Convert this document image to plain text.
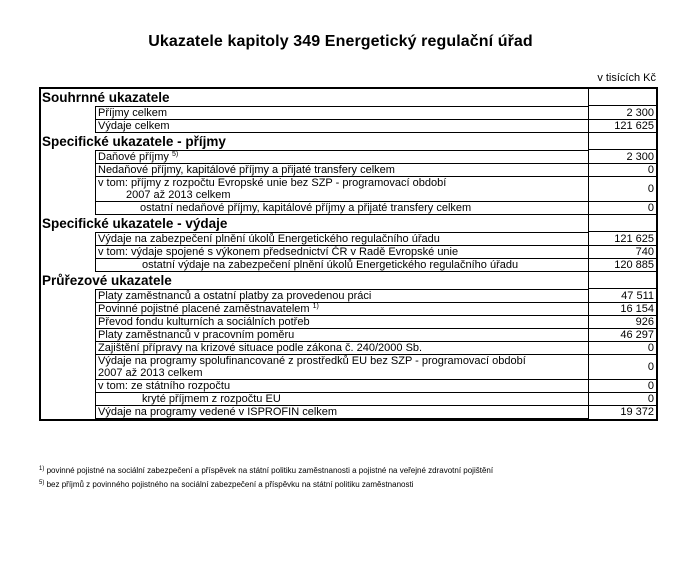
Ukazatele kapitoly 349 Energetický regulační úřad
v tisících Kč
Souhrnné ukazatele	

Příjmy celkem	2 300

Výdaje celkem	121 625
Specifické ukazatele - příjmy	

Daňové příjmy $^{5)}$	2 300

Nedaňové příjmy, kapitálové příjmy a přijaté transfery celkem	0

v tom: příjmy z rozpočtu Evropské unie bez SZP - programovací období
2007 až 2013 celkem	0

ostatní nedaňové příjmy, kapitálové příjmy a přijaté transfery celkem	0
Specifické ukazatele - výdaje	

Výdaje na zabezpečení plnění úkolů Energetického regulačního úřadu	121 625

v tom: výdaje spojené s výkonem předsednictví ČR v Radě Evropské unie	740

ostatní výdaje na zabezpečení plnění úkolů Energetického regulačního úřadu	120 885
Průřezové ukazatele	

Platy zaměstnanců a ostatní platby za provedenou práci	47 511

Povinné pojistné placené zaměstnavatelem $^{1)}$	16 154

Převod fondu kulturních a sociálních potřeb	926

Platy zaměstnanců v pracovním poměru	46 297

Zajištění přípravy na krizové situace podle zákona č. 240/2000 Sb.	0

Výdaje na programy spolufinancované z prostředků EU bez SZP - programovací období
2007 až 2013 celkem	0

v tom: ze státního rozpočtu	0

kryté příjmem z rozpočtu EU	0

Výdaje na programy vedené v ISPROFIN celkem	19 372
$^{1)}$ povinné pojistné na sociální zabezpečení a příspěvek na státní politiku zaměstnanosti a pojistné na veřejné zdravotní pojištění
$^{5)}$ bez příjmů z povinného pojistného na sociální zabezpečení a příspěvku na státní politiku zaměstnanosti
